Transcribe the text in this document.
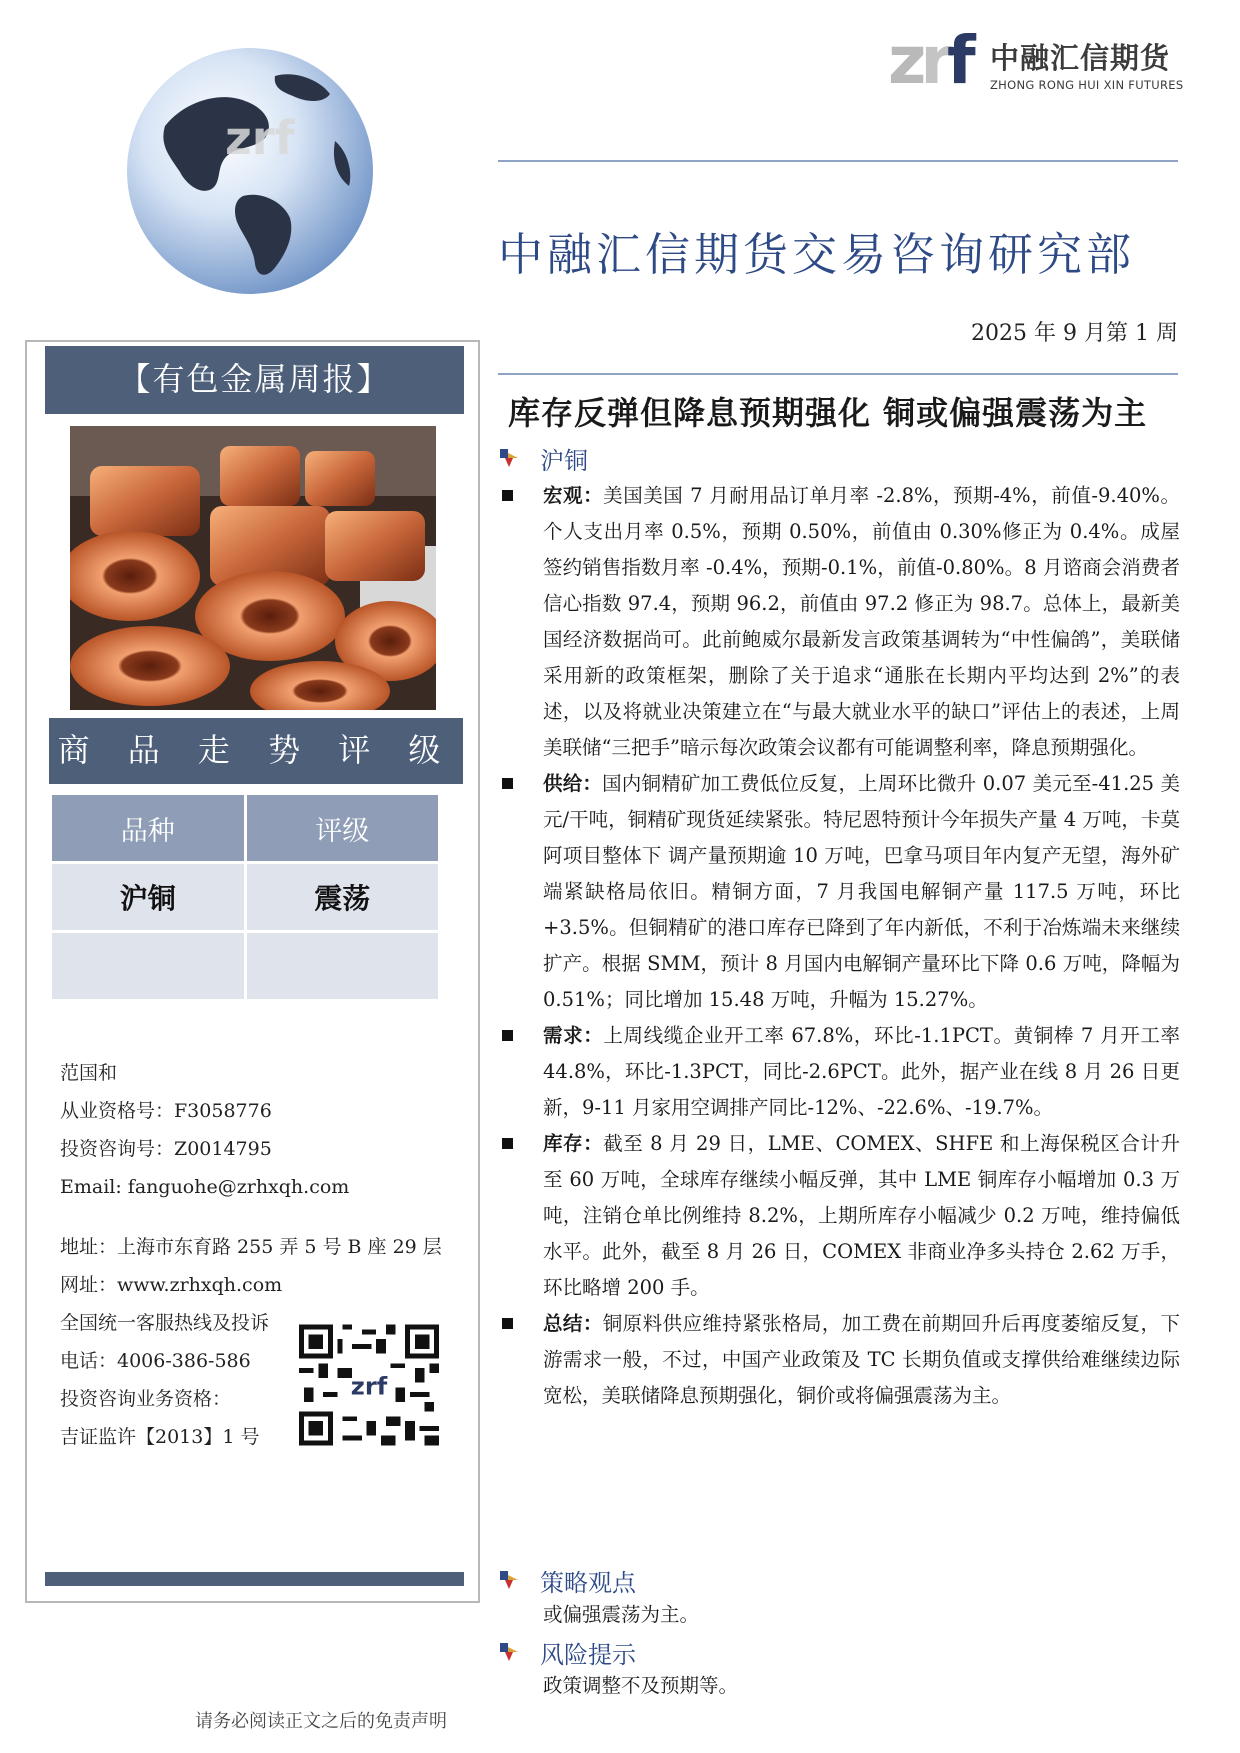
zrf
zrf 中融汇信期货
ZHONG RONG HUI XIN FUTURES
中融汇信期货交易咨询研究部
2025 年 9 月第 1 周
【有色金属周报】
商 品 走 势 评 级
品种	评级
沪铜	震荡

范国和
从业资格号：F3058776
投资咨询号：Z0014795
Email: fanguohe@zrhxqh.com
地址：上海市东育路 255 弄 5 号 B 座 29 层
网址：www.zrhxqh.com
全国统一客服热线及投诉
电话：4006-386-586
投资咨询业务资格：
吉证监许【2013】1 号
zrf
库存反弹但降息预期强化 铜或偏强震荡为主
沪铜
宏观：美国美国 7 月耐用品订单月率 -2.8%，预期-4%，前值-9.40%。个人支出月率 0.5%，预期 0.50%，前值由 0.30%修正为 0.4%。成屋签约销售指数月率 -0.4%，预期-0.1%，前值-0.80%。8 月谘商会消费者信心指数 97.4，预期 96.2，前值由 97.2 修正为 98.7。总体上，最新美国经济数据尚可。此前鲍威尔最新发言政策基调转为“中性偏鸽”，美联储采用新的政策框架，删除了关于追求“通胀在长期内平均达到 2%”的表述，以及将就业决策建立在“与最大就业水平的缺口”评估上的表述，上周美联储“三把手”暗示每次政策会议都有可能调整利率，降息预期强化。
供给：国内铜精矿加工费低位反复，上周环比微升 0.07 美元至-41.25 美元/干吨，铜精矿现货延续紧张。特尼恩特预计今年损失产量 4 万吨，卡莫阿项目整体下 调产量预期逾 10 万吨，巴拿马项目年内复产无望，海外矿端紧缺格局依旧。精铜方面，7 月我国电解铜产量 117.5 万吨，环比+3.5%。但铜精矿的港口库存已降到了年内新低，不利于冶炼端未来继续扩产。根据 SMM，预计 8 月国内电解铜产量环比下降 0.6 万吨，降幅为 0.51%；同比增加 15.48 万吨，升幅为 15.27%。
需求：上周线缆企业开工率 67.8%，环比-1.1PCT。黄铜棒 7 月开工率 44.8%，环比-1.3PCT，同比-2.6PCT。此外，据产业在线 8 月 26 日更新，9-11 月家用空调排产同比-12%、-22.6%、-19.7%。
库存：截至 8 月 29 日，LME、COMEX、SHFE 和上海保税区合计升至 60 万吨，全球库存继续小幅反弹，其中 LME 铜库存小幅增加 0.3 万吨，注销仓单比例维持 8.2%，上期所库存小幅减少 0.2 万吨，维持偏低水平。此外，截至 8 月 26 日，COMEX 非商业净多头持仓 2.62 万手，环比略增 200 手。
总结：铜原料供应维持紧张格局，加工费在前期回升后再度萎缩反复，下游需求一般，不过，中国产业政策及 TC 长期负值或支撑供给难继续边际宽松，美联储降息预期强化，铜价或将偏强震荡为主。
策略观点
或偏强震荡为主。
风险提示
政策调整不及预期等。
请务必阅读正文之后的免责声明
